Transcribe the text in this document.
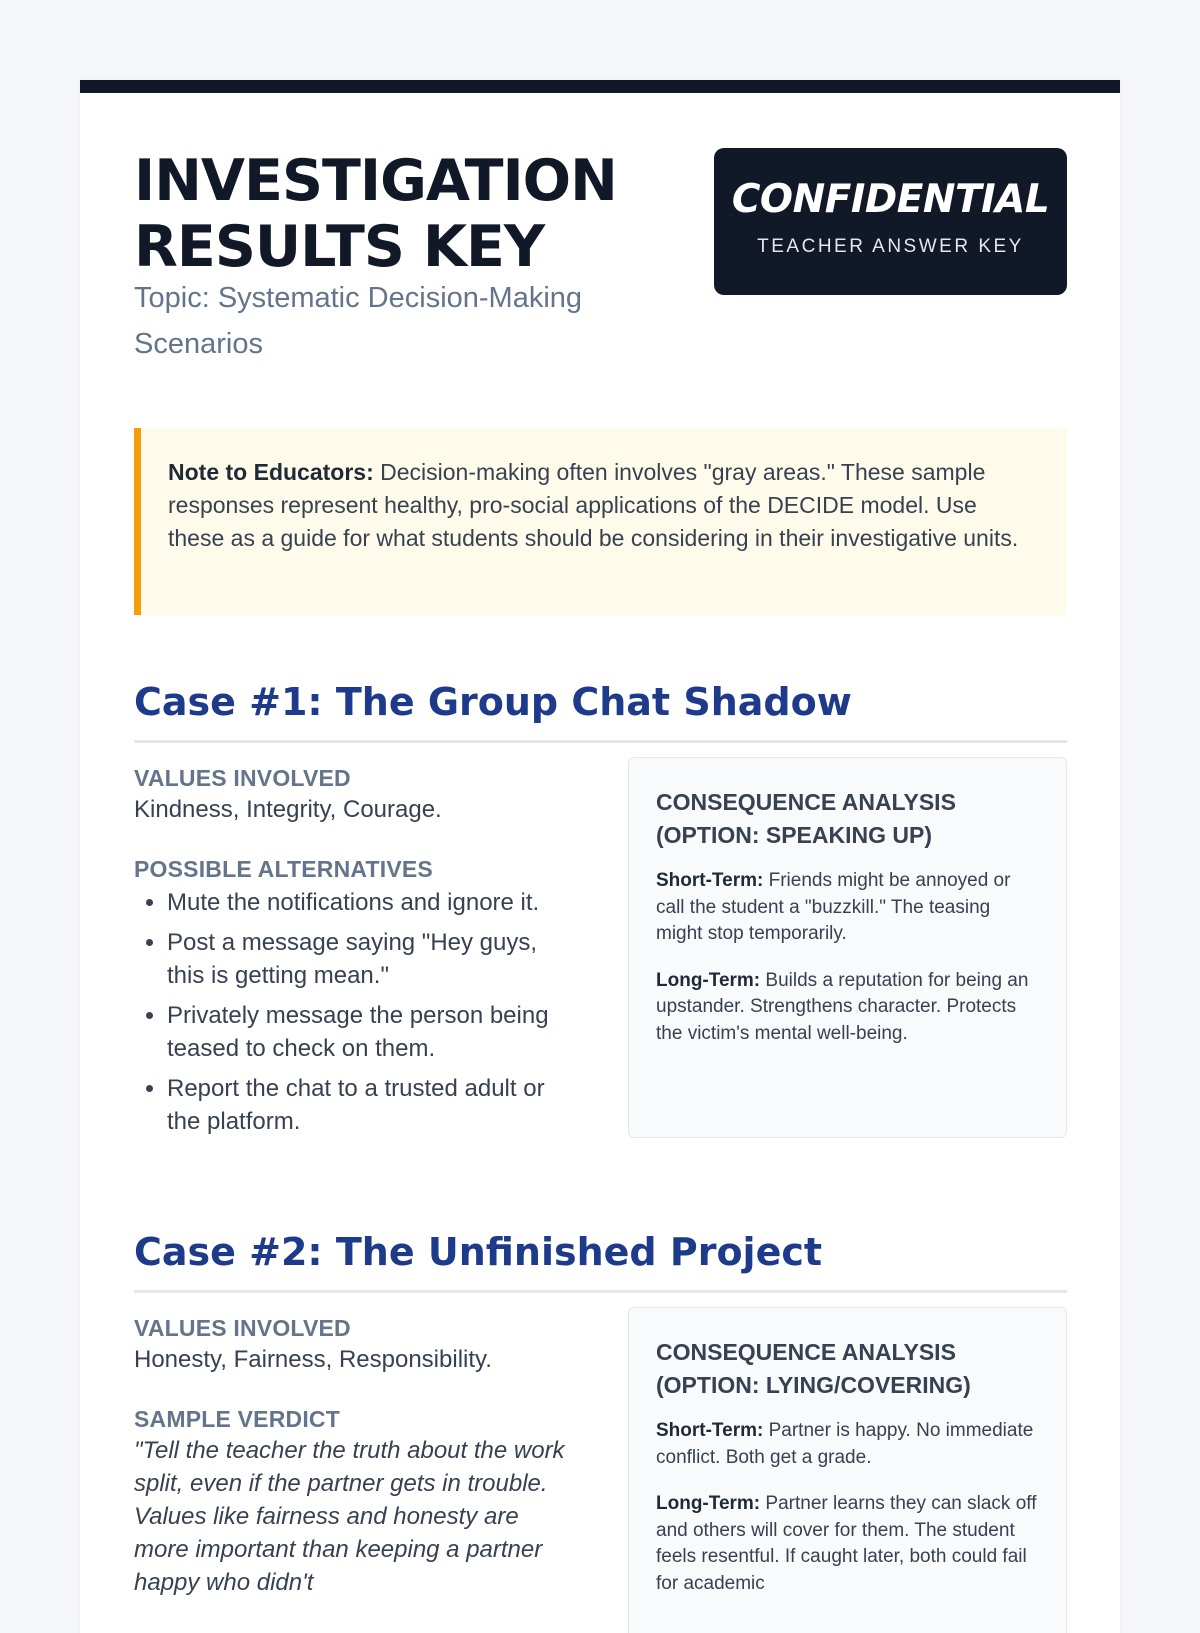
INVESTIGATION
RESULTS KEY
Topic: Systematic Decision-Making Scenarios
CONFIDENTIAL
TEACHER ANSWER KEY
Note to Educators: Decision-making often involves "gray areas." These sample responses represent healthy, pro-social applications of the DECIDE model. Use these as a guide for what students should be considering in their investigative units.
Case #1: The Group Chat Shadow
VALUES INVOLVED
Kindness, Integrity, Courage.
POSSIBLE ALTERNATIVES
• Mute the notifications and ignore it.
• Post a message saying "Hey guys, this is getting mean."
• Privately message the person being teased to check on them.
• Report the chat to a trusted adult or the platform.
CONSEQUENCE ANALYSIS (OPTION: SPEAKING UP)
Short-Term: Friends might be annoyed or call the student a "buzzkill." The teasing might stop temporarily.
Long-Term: Builds a reputation for being an upstander. Strengthens character. Protects the victim's mental well-being.
Case #2: The Unfinished Project
VALUES INVOLVED
Honesty, Fairness, Responsibility.
SAMPLE VERDICT
"Tell the teacher the truth about the work split, even if the partner gets in trouble. Values like fairness and honesty are more important than keeping a partner happy who didn't
CONSEQUENCE ANALYSIS (OPTION: LYING/COVERING)
Short-Term: Partner is happy. No immediate conflict. Both get a grade.
Long-Term: Partner learns they can slack off and others will cover for them. The student feels resentful. If caught later, both could fail for academic
